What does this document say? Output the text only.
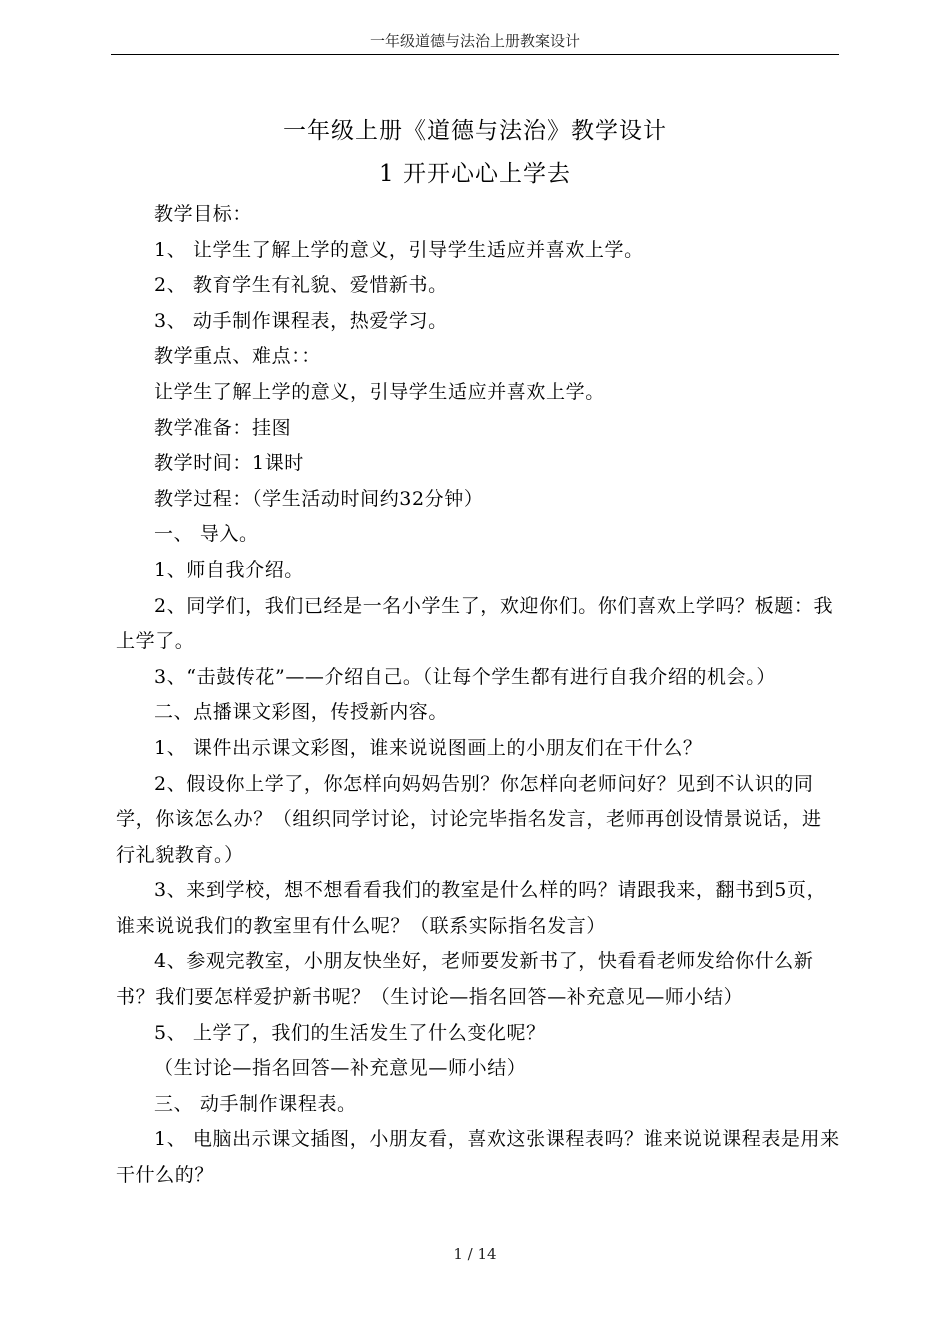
一年级道德与法治上册教案设计
一年级上册《道德与法治》教学设计
1 开开心心上学去

教学目标：

1、 让学生了解上学的意义，引导学生适应并喜欢上学。

2、 教育学生有礼貌、爱惜新书。

3、 动手制作课程表，热爱学习。

教学重点、难点：：

让学生了解上学的意义，引导学生适应并喜欢上学。

教学准备：挂图

教学时间：1课时

教学过程：（学生活动时间约32分钟）

一、 导入。

1、师自我介绍。

2、同学们，我们已经是一名小学生了，欢迎你们。你们喜欢上学吗？板题：我上学了。

3、“击鼓传花”——介绍自己。（让每个学生都有进行自我介绍的机会。）

二、点播课文彩图，传授新内容。

1、 课件出示课文彩图，谁来说说图画上的小朋友们在干什么？

2、假设你上学了，你怎样向妈妈告别？你怎样向老师问好？见到不认识的同学，你该怎么办？（组织同学讨论，讨论完毕指名发言，老师再创设情景说话，进行礼貌教育。）

3、来到学校，想不想看看我们的教室是什么样的吗？请跟我来，翻书到5页，谁来说说我们的教室里有什么呢？（联系实际指名发言）

4、参观完教室，小朋友快坐好，老师要发新书了，快看看老师发给你什么新书？我们要怎样爱护新书呢？（生讨论—指名回答—补充意见—师小结）

5、 上学了，我们的生活发生了什么变化呢？

（生讨论—指名回答—补充意见—师小结）

三、 动手制作课程表。

1、 电脑出示课文插图，小朋友看，喜欢这张课程表吗？谁来说说课程表是用来干什么的？

1 / 14
